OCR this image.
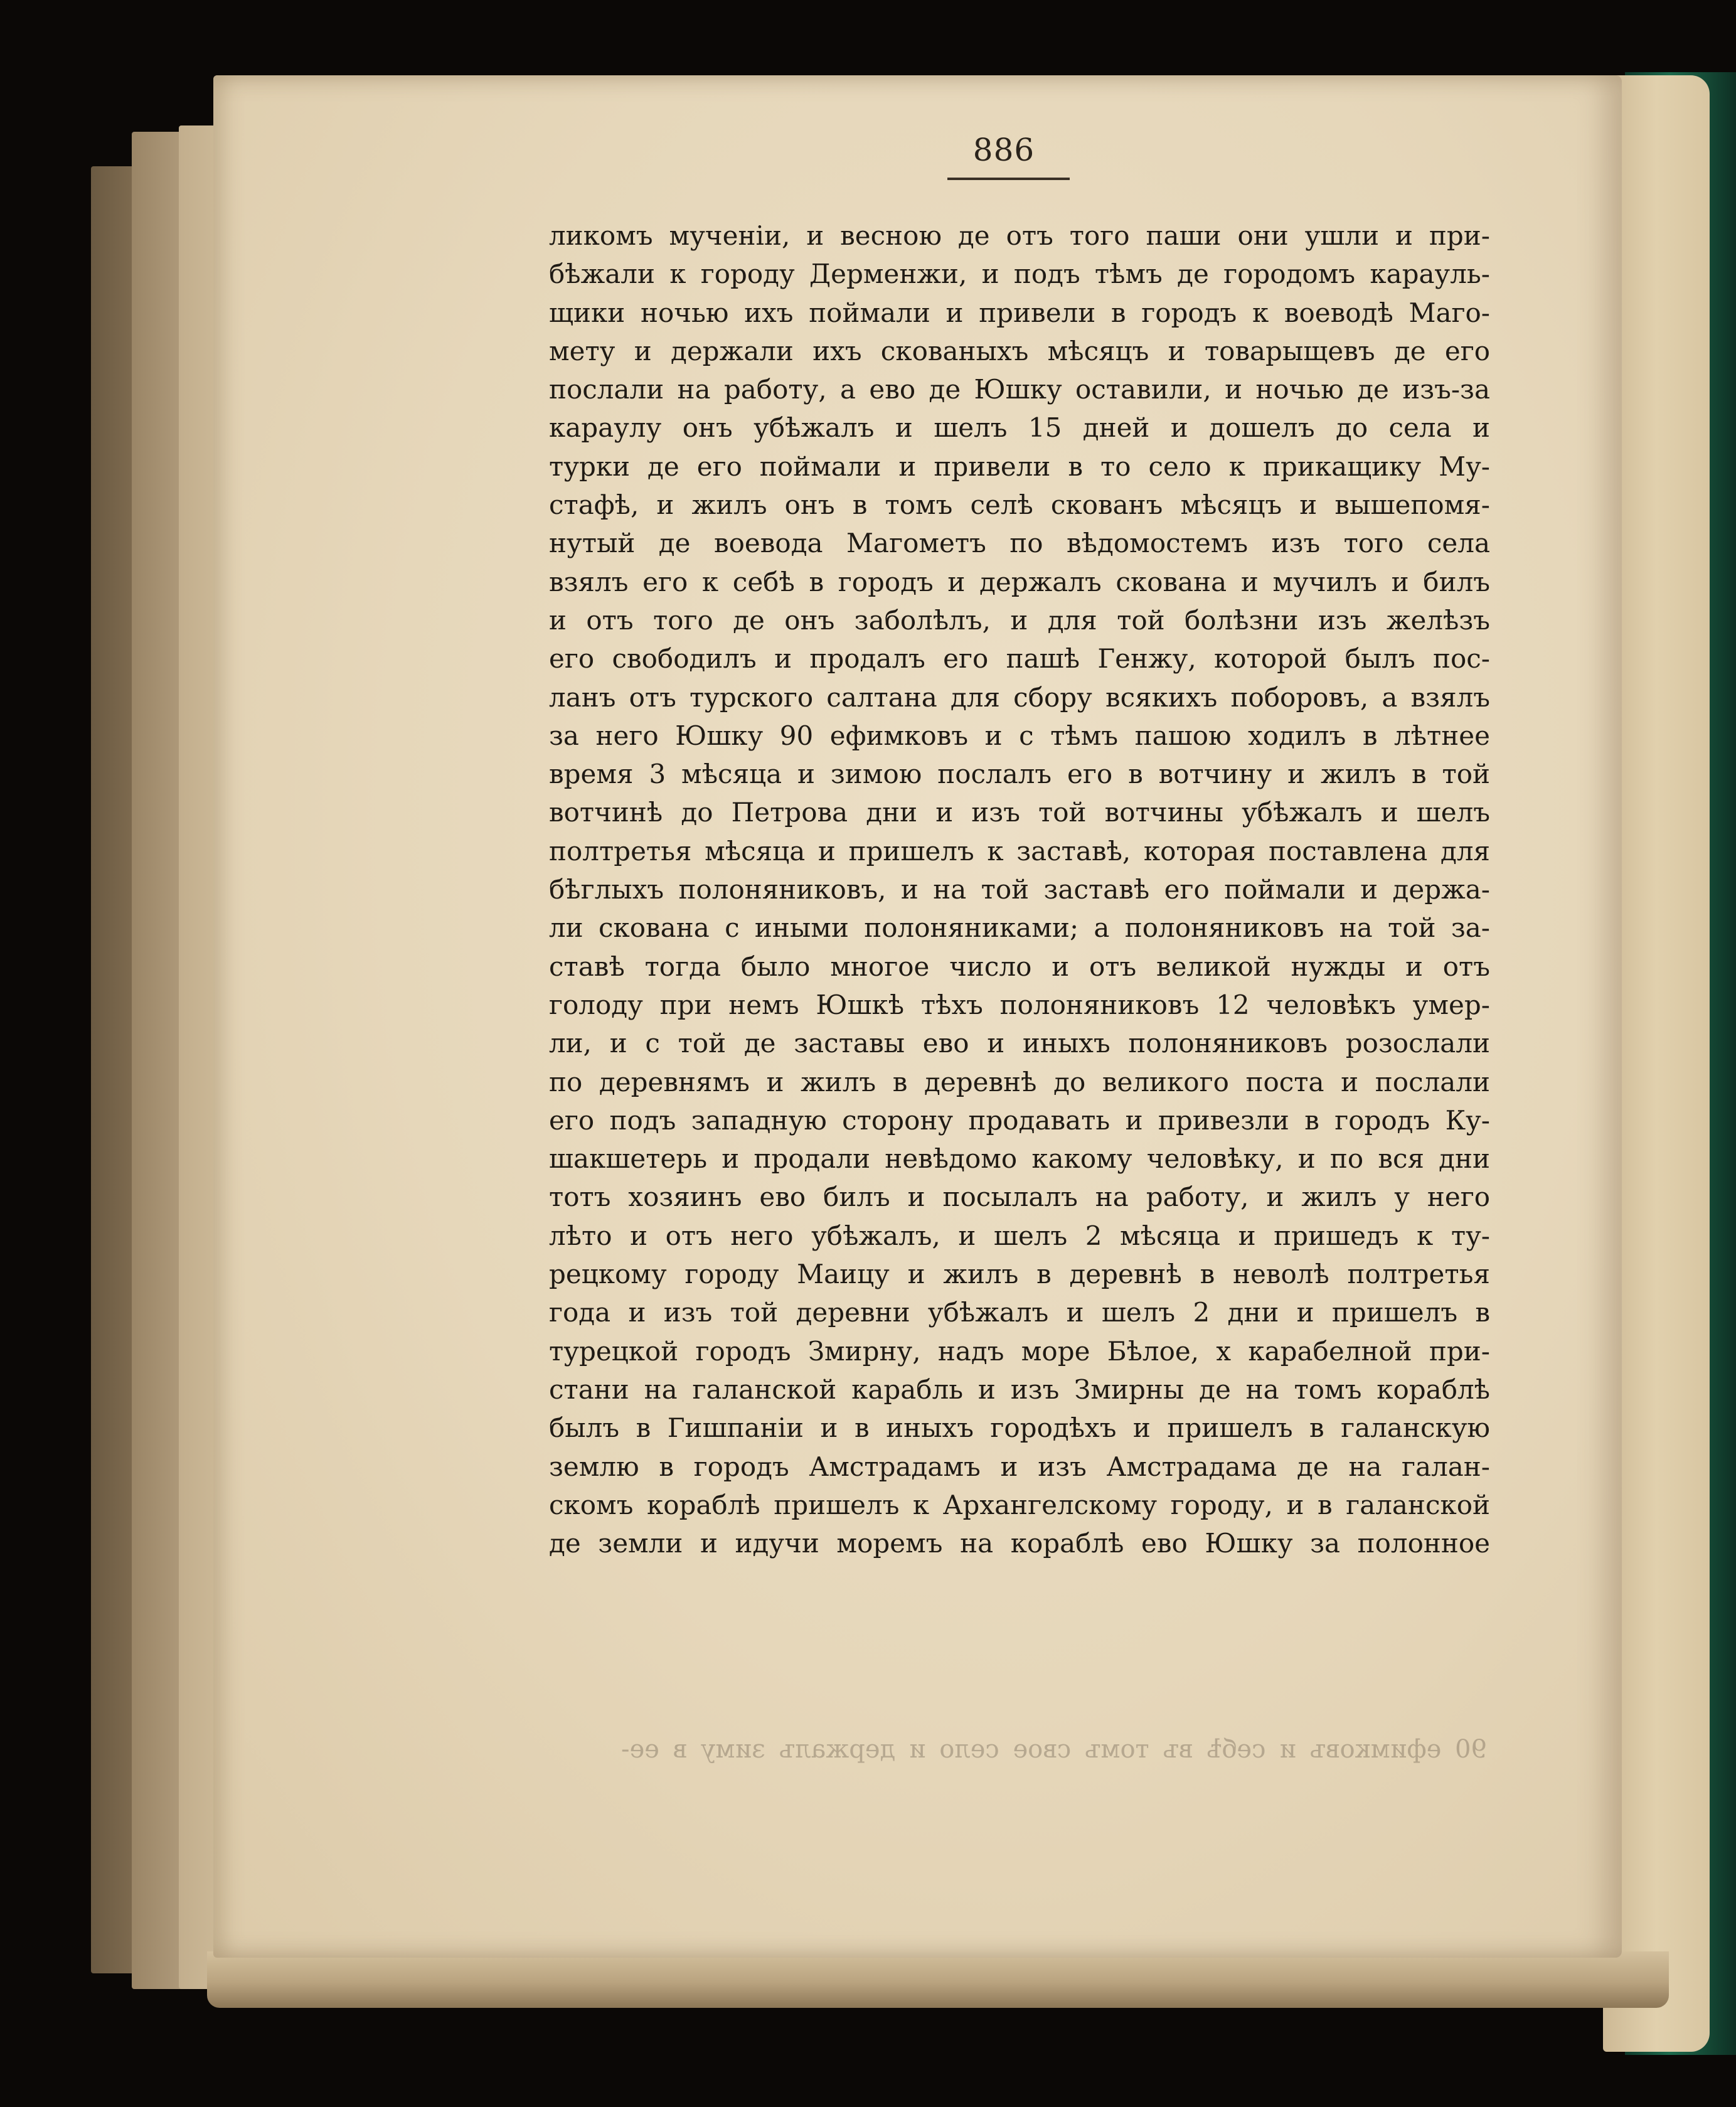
886
ликомъ мученіи, и весною де отъ того паши они ушли и при-
бѣжали к городу Дерменжи, и подъ тѣмъ де городомъ карауль-
щики ночью ихъ поймали и привели в городъ к воеводѣ Маго-
мету и держали ихъ скованыхъ мѣсяцъ и товарыщевъ де его
послали на работу, а ево де Юшку оставили, и ночью де изъ-за
караулу онъ убѣжалъ и шелъ 15 дней и дошелъ до села и
турки де его поймали и привели в то село к прикащику Му-
стафѣ, и жилъ онъ в томъ селѣ скованъ мѣсяцъ и вышепомя-
нутый де воевода Магометъ по вѣдомостемъ изъ того села
взялъ его к себѣ в городъ и держалъ скована и мучилъ и билъ
и отъ того де онъ заболѣлъ, и для той болѣзни изъ желѣзъ
его свободилъ и продалъ его пашѣ Генжу, которой былъ пос-
ланъ отъ турского салтана для сбору всякихъ поборовъ, а взялъ
за него Юшку 90 ефимковъ и с тѣмъ пашою ходилъ в лѣтнее
время 3 мѣсяца и зимою послалъ его в вотчину и жилъ в той
вотчинѣ до Петрова дни и изъ той вотчины убѣжалъ и шелъ
полтретья мѣсяца и пришелъ к заставѣ, которая поставлена для
бѣглыхъ полоняниковъ, и на той заставѣ его поймали и держа-
ли скована с иными полоняниками; а полоняниковъ на той за-
ставѣ тогда было многое число и отъ великой нужды и отъ
голоду при немъ Юшкѣ тѣхъ полоняниковъ 12 человѣкъ умер-
ли, и с той де заставы ево и иныхъ полоняниковъ розослали
по деревнямъ и жилъ в деревнѣ до великого поста и послали
его подъ западную сторону продавать и привезли в городъ Ку-
шакшетерь и продали невѣдомо какому человѣку, и по вся дни
тотъ хозяинъ ево билъ и посылалъ на работу, и жилъ у него
лѣто и отъ него убѣжалъ, и шелъ 2 мѣсяца и пришедъ к ту-
рецкому городу Маицу и жилъ в деревнѣ в неволѣ полтретья
года и изъ той деревни убѣжалъ и шелъ 2 дни и пришелъ в
турецкой городъ Змирну, надъ море Бѣлое, х карабелной при-
стани на галанской карабль и изъ Змирны де на томъ кораблѣ
былъ в Гишпаніи и в иныхъ городѣхъ и пришелъ в галанскую
землю в городъ Амстрадамъ и изъ Амстрадама де на галан-
скомъ кораблѣ пришелъ к Архангелскому городу, и в галанской
де земли и идучи моремъ на кораблѣ ево Юшку за полонное
90 ефимковъ и себѣ въ томъ свое село и держалъ зиму в ее-
